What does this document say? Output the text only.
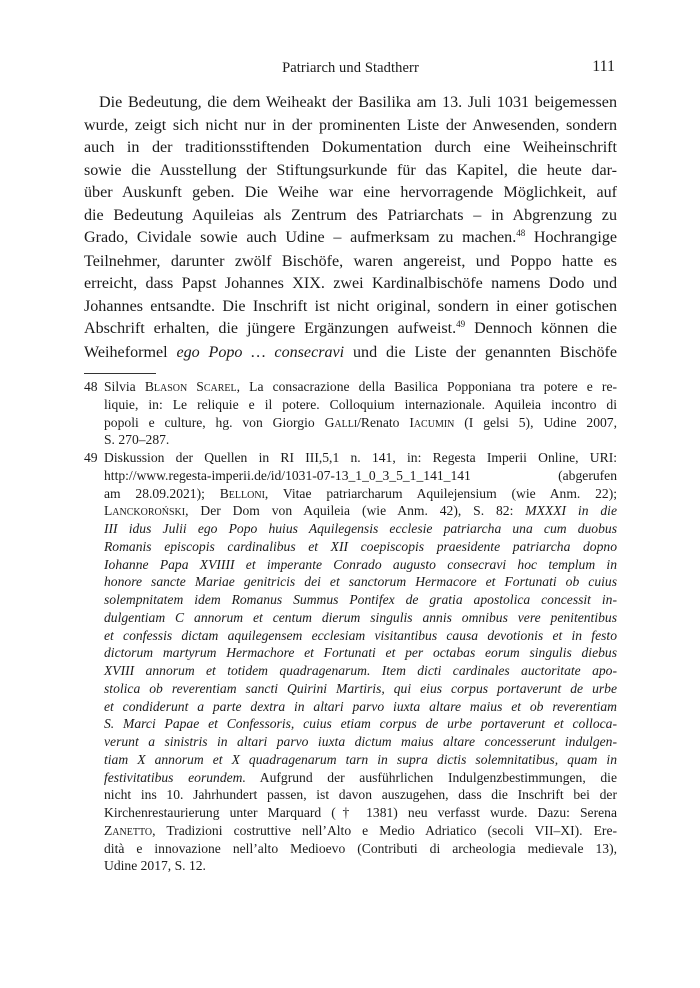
Patriarch und Stadtherr	111

Die Bedeutung, die dem Weiheakt der Basilika am 13. Juli 1031 beigemessen
wurde, zeigt sich nicht nur in der prominenten Liste der Anwesenden, sondern
auch in der traditionsstiftenden Dokumentation durch eine Weiheinschrift
sowie die Ausstellung der Stiftungsurkunde für das Kapitel, die heute dar-
über Auskunft geben. Die Weihe war eine hervorragende Möglichkeit, auf
die Bedeutung Aquileias als Zentrum des Patriarchats – in Abgrenzung zu
Grado, Cividale sowie auch Udine – aufmerksam zu machen.$^{48}$ Hochrangige
Teilnehmer, darunter zwölf Bischöfe, waren angereist, und Poppo hatte es
erreicht, dass Papst Johannes XIX. zwei Kardinalbischöfe namens Dodo und
Johannes entsandte. Die Inschrift ist nicht original, sondern in einer gotischen
Abschrift erhalten, die jüngere Ergänzungen aufweist.$^{49}$ Dennoch können die
Weiheformel ego Popo … consecravi und die Liste der genannten Bischöfe

48 Silvia Blason Scarel, La consacrazione della Basilica Popponiana tra potere e re-
liquie, in: Le reliquie e il potere. Colloquium internazionale. Aquileia incontro di
popoli e culture, hg. von Giorgio Galli/Renato Iacumin (I gelsi 5), Udine 2007,
S. 270–287.
49 Diskussion der Quellen in RI III,5,1 n. 141, in: Regesta Imperii Online, URI:
http://www.regesta-imperii.de/id/1031-07-13_1_0_3_5_1_141_141   (abgerufen
am 28.09.2021); Belloni, Vitae patriarcharum Aquilejensium (wie Anm. 22);
Lanckoroński, Der Dom von Aquileia (wie Anm. 42), S. 82: MXXXI in die
III idus Julii ego Popo huius Aquilegensis ecclesie patriarcha una cum duobus
Romanis episcopis cardinalibus et XII coepiscopis praesidente patriarcha dopno
Iohanne Papa XVIIII et imperante Conrado augusto consecravi hoc templum in
honore sancte Mariae genitricis dei et sanctorum Hermacore et Fortunati ob cuius
solempnitatem idem Romanus Summus Pontifex de gratia apostolica concessit in-
dulgentiam C annorum et centum dierum singulis annis omnibus vere penitentibus
et confessis dictam aquilegensem ecclesiam visitantibus causa devotionis et in festo
dictorum martyrum Hermachore et Fortunati et per octabas eorum singulis diebus
XVIII annorum et totidem quadragenarum. Item dicti cardinales auctoritate apo-
stolica ob reverentiam sancti Quirini Martiris, qui eius corpus portaverunt de urbe
et condiderunt a parte dextra in altari parvo iuxta altare maius et ob reverentiam
S. Marci Papae et Confessoris, cuius etiam corpus de urbe portaverunt et colloca-
verunt a sinistris in altari parvo iuxta dictum maius altare concesserunt indulgen-
tiam X annorum et X quadragenarum tarn in supra dictis solemnitatibus, quam in
festivitatibus eorundem. Aufgrund der ausführlichen Indulgenzbestimmungen, die
nicht ins 10. Jahrhundert passen, ist davon auszugehen, dass die Inschrift bei der
Kirchenrestaurierung unter Marquard († 1381) neu verfasst wurde. Dazu: Serena
Zanetto, Tradizioni costruttive nell’Alto e Medio Adriatico (secoli VII–XI). Ere-
dità e innovazione nell’alto Medioevo (Contributi di archeologia medievale 13),
Udine 2017, S. 12.
